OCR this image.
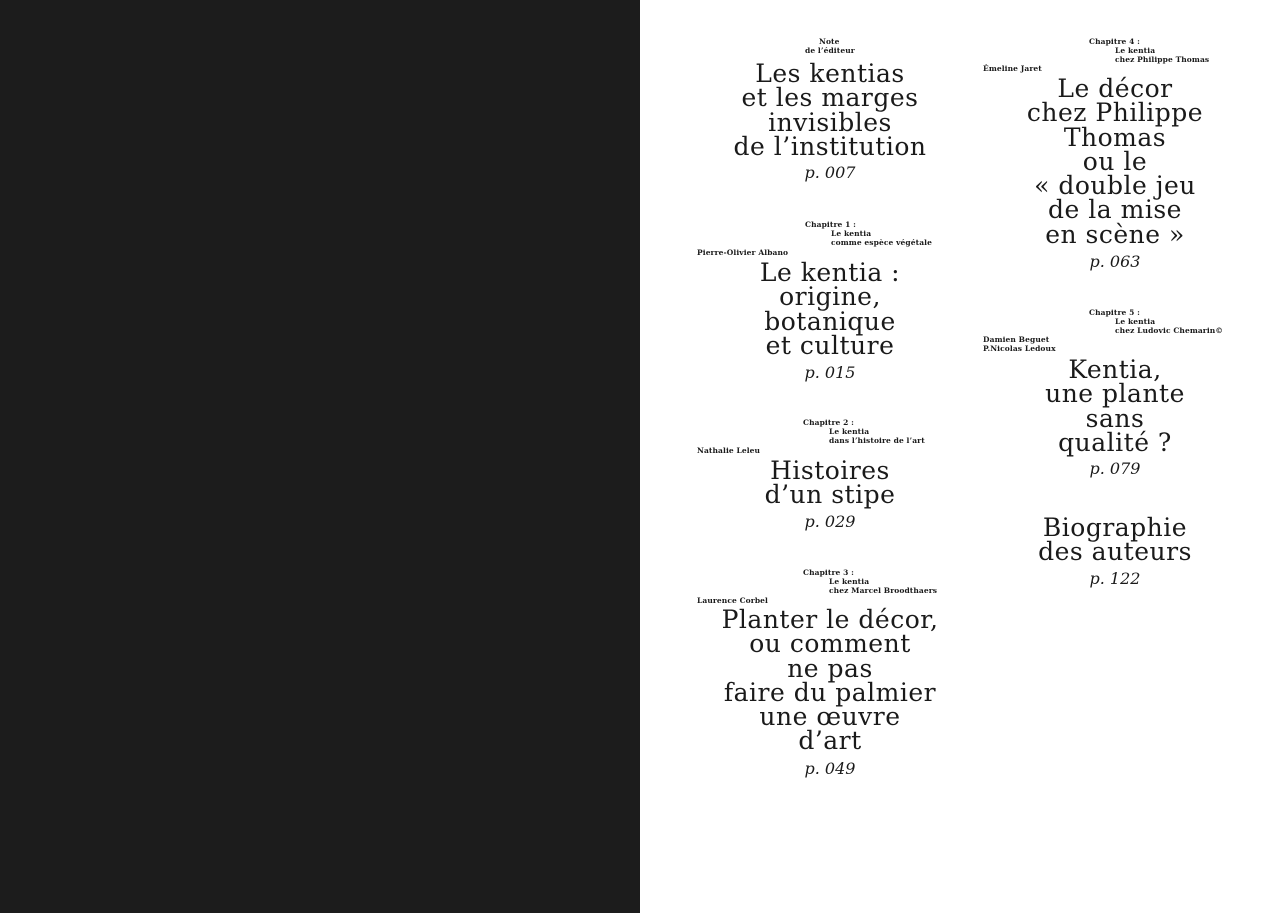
Note
de l’éditeur
Les kentias
et les marges
invisibles
de l’institution
p. 007
Chapitre 1 :
Le kentia
comme espèce végétale
Pierre-Olivier Albano
Le kentia :
origine,
botanique
et culture
p. 015
Chapitre 2 :
Le kentia
dans l’histoire de l’art
Nathalie Leleu
Histoires
d’un stipe
p. 029
Chapitre 3 :
Le kentia
chez Marcel Broodthaers
Laurence Corbel
Planter le décor,
ou comment
ne pas
faire du palmier
une œuvre
d’art
p. 049
Chapitre 4 :
Le kentia
chez Philippe Thomas
Émeline Jaret
Le décor
chez Philippe
Thomas
ou le
« double jeu
de la mise
en scène »
p. 063
Chapitre 5 :
Le kentia
chez Ludovic Chemarin©
Damien Beguet
P.Nicolas Ledoux
Kentia,
une plante
sans
qualité ?
p. 079
Biographie
des auteurs
p. 122
